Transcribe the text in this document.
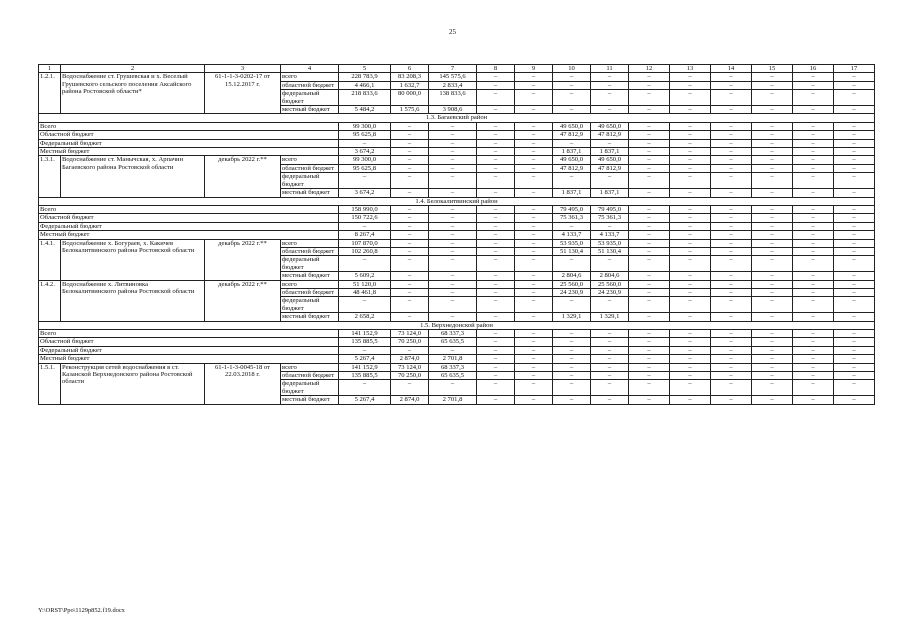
25
1	2	3	4	5	6	7	8	9	10	11	12	13	14	15	16	17
1.2.1.	Водоснабжение ст. Грушевская и х. Веселый Грушевского сельского поселения Аксайского района Ростовской области*	61-1-1-3-0202-17 от 15.12.2017 г.	всего	228 783,9	83 208,3	145 575,6	–	–	–	–	–	–	–	–	–	–
			областной бюджет	4 466,1	1 632,7	2 833,4	–	–	–	–	–	–	–	–	–	–
			федеральный бюджет	218 833,6	80 000,0	138 833,6	–	–	–	–	–	–	–	–	–	–
			местный бюджет	5 484,2	1 575,6	3 908,6	–	–	–	–	–	–	–	–	–	–
1.3. Багаевский район																
Всего				99 300,0	–	–	–	–	49 650,0	49 650,0	–	–	–	–	–	–
Областной бюджет				95 625,8	–	–	–	–	47 812,9	47 812,9	–	–	–	–	–	–
Федеральный бюджет				–	–	–	–	–	–	–	–	–	–	–	–	–
Местный бюджет				3 674,2	–	–	–	–	1 837,1	1 837,1	–	–	–	–	–	–
1.3.1.	Водоснабжение ст. Манычская, х. Арпачин Багаевского района Ростовской области	декабрь 2022 г.**	всего	99 300,0	–	–	–	–	49 650,0	49 650,0	–	–	–	–	–	–
			областной бюджет	95 625,8	–	–	–	–	47 812,9	47 812,9	–	–	–	–	–	–
			федеральный бюджет	–	–	–	–	–	–	–	–	–	–	–	–	–
			местный бюджет	3 674,2	–	–	–	–	1 837,1	1 837,1	–	–	–	–	–	–
1.4. Белокалитвинский район																
Всего				158 990,0	–	–	–	–	79 495,0	79 495,0	–	–	–	–	–	–
Областной бюджет				150 722,6	–	–	–	–	75 361,3	75 361,3	–	–	–	–	–	–
Федеральный бюджет				–	–	–	–	–	–	–	–	–	–	–	–	–
Местный бюджет				8 267,4	–	–	–	–	4 133,7	4 133,7	–	–	–	–	–	–
1.4.1.	Водоснабжение х. Богураев, х. Какичев Белокалитвинского района Ростовской области	декабрь 2022 г.**	всего	107 870,0	–	–	–	–	53 935,0	53 935,0	–	–	–	–	–	–
			областной бюджет	102 260,8	–	–	–	–	51 130,4	51 130,4	–	–	–	–	–	–
			федеральный бюджет	–	–	–	–	–	–	–	–	–	–	–	–	–
			местный бюджет	5 609,2	–	–	–	–	2 804,6	2 804,6	–	–	–	–	–	–
1.4.2.	Водоснабжение х. Литвиновка Белокалитвинского района Ростовской области	декабрь 2022 г.**	всего	51 120,0	–	–	–	–	25 560,0	25 560,0	–	–	–	–	–	–
			областной бюджет	48 461,8	–	–	–	–	24 230,9	24 230,9	–	–	–	–	–	–
			федеральный бюджет	–	–	–	–	–	–	–	–	–	–	–	–	–
			местный бюджет	2 658,2	–	–	–	–	1 329,1	1 329,1	–	–	–	–	–	–
1.5. Верхнедонской район																
Всего				141 152,9	73 124,0	68 337,3	–	–	–	–	–	–	–	–	–	–
Областной бюджет				135 885,5	70 250,0	65 635,5	–	–	–	–	–	–	–	–	–	–
Федеральный бюджет				–	–	–	–	–	–	–	–	–	–	–	–	–
Местный бюджет				5 267,4	2 874,0	2 701,8	–	–	–	–	–	–	–	–	–	–
1.5.1.	Реконструкция сетей водоснабжения в ст. Казанской Верхнедонского района Ростовской области	61-1-1-3-0045-18 от 22.03.2018 г.	всего	141 152,9	73 124,0	68 337,3	–	–	–	–	–	–	–	–	–	–
			областной бюджет	135 885,5	70 250,0	65 635,5	–	–	–	–	–	–	–	–	–	–
			федеральный бюджет	–	–	–	–	–	–	–	–	–	–	–	–	–
			местный бюджет	5 267,4	2 874,0	2 701,8	–	–	–	–	–	–	–	–	–	–
Y:\ORST\Ppo\1129p852.f19.docx
